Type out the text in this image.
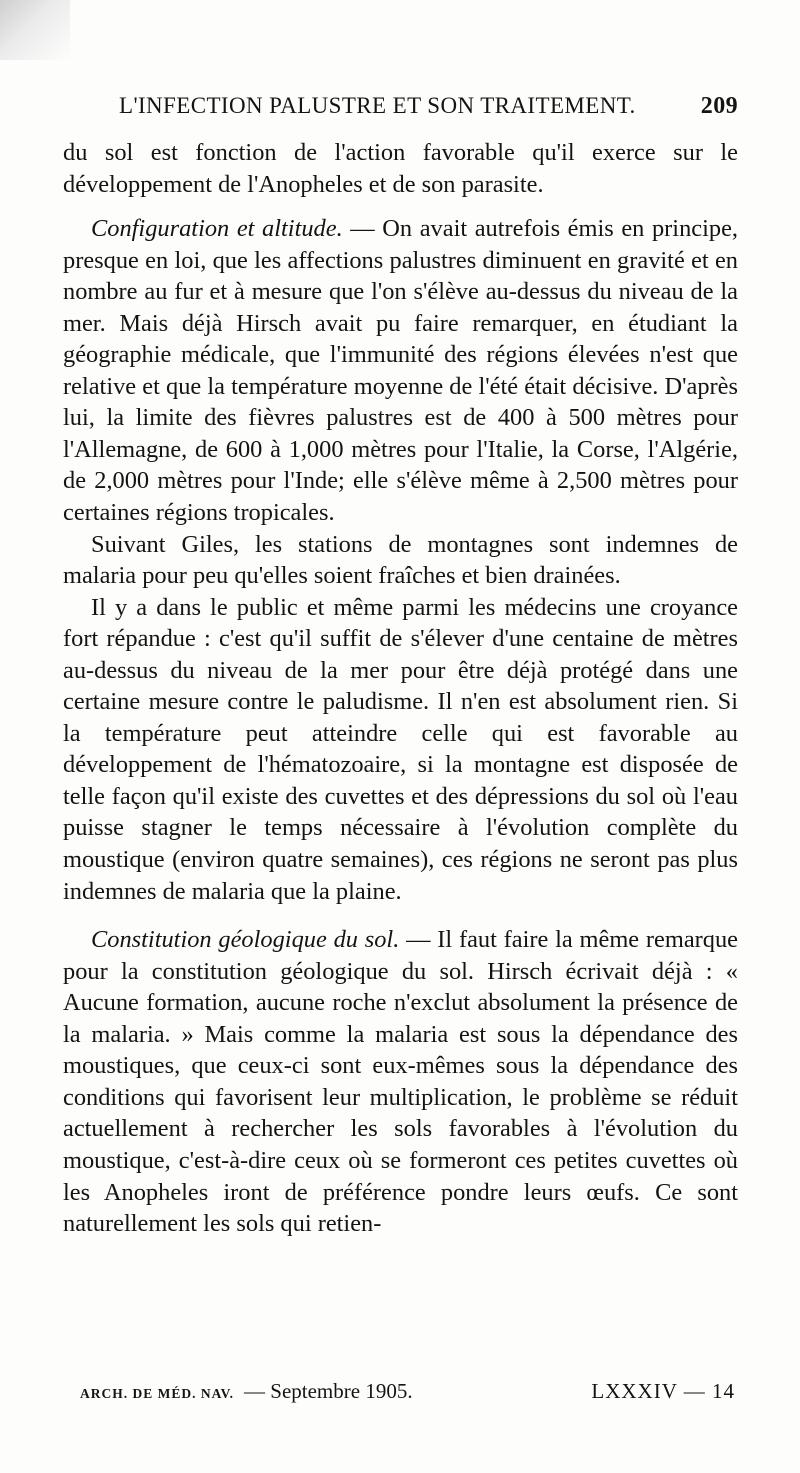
L'INFECTION PALUSTRE ET SON TRAITEMENT.	209

du sol est fonction de l'action favorable qu'il exerce sur le développement de l'Anopheles et de son parasite.

Configuration et altitude. — On avait autrefois émis en principe, presque en loi, que les affections palustres diminuent en gravité et en nombre au fur et à mesure que l'on s'élève au-dessus du niveau de la mer. Mais déjà Hirsch avait pu faire remarquer, en étudiant la géographie médicale, que l'immunité des régions élevées n'est que relative et que la température moyenne de l'été était décisive. D'après lui, la limite des fièvres palustres est de 400 à 500 mètres pour l'Allemagne, de 600 à 1,000 mètres pour l'Italie, la Corse, l'Algérie, de 2,000 mètres pour l'Inde; elle s'élève même à 2,500 mètres pour certaines régions tropicales.

Suivant Giles, les stations de montagnes sont indemnes de malaria pour peu qu'elles soient fraîches et bien drainées.

Il y a dans le public et même parmi les médecins une croyance fort répandue : c'est qu'il suffit de s'élever d'une centaine de mètres au-dessus du niveau de la mer pour être déjà protégé dans une certaine mesure contre le paludisme. Il n'en est absolument rien. Si la température peut atteindre celle qui est favorable au développement de l'hématozoaire, si la montagne est disposée de telle façon qu'il existe des cuvettes et des dépressions du sol où l'eau puisse stagner le temps nécessaire à l'évolution complète du moustique (environ quatre semaines), ces régions ne seront pas plus indemnes de malaria que la plaine.

Constitution géologique du sol. — Il faut faire la même remarque pour la constitution géologique du sol. Hirsch écrivait déjà : « Aucune formation, aucune roche n'exclut absolument la présence de la malaria. » Mais comme la malaria est sous la dépendance des moustiques, que ceux-ci sont eux-mêmes sous la dépendance des conditions qui favorisent leur multiplication, le problème se réduit actuellement à rechercher les sols favorables à l'évolution du moustique, c'est-à-dire ceux où se formeront ces petites cuvettes où les Anopheles iront de préférence pondre leurs œufs. Ce sont naturellement les sols qui retien-

ARCH. DE MÉD. NAV. — Septembre 1905.	LXXXIV — 14
